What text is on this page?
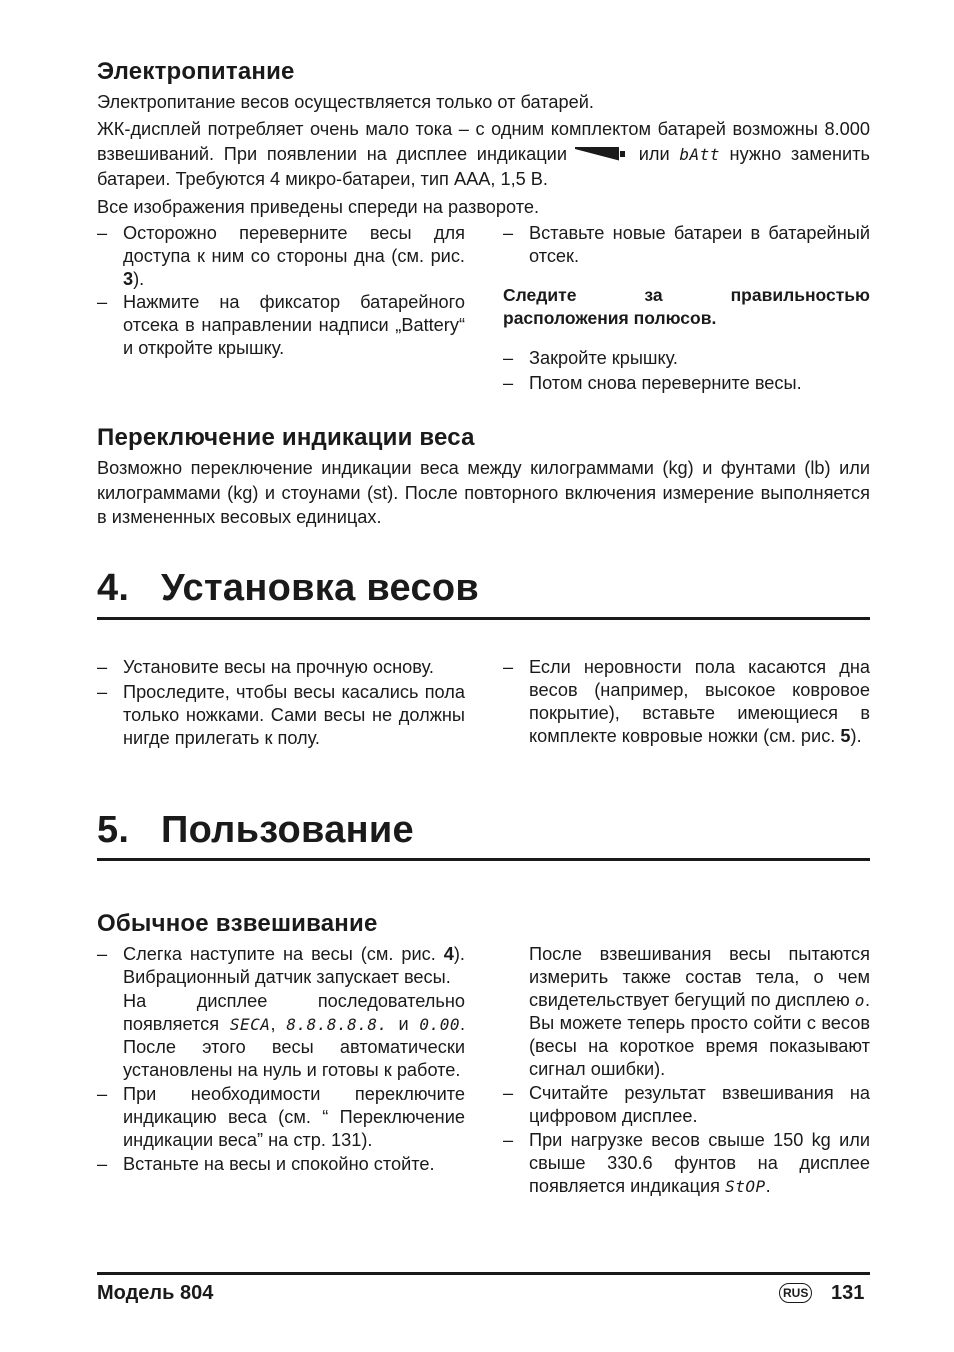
Электропитание
Электропитание весов осуществляется только от батарей.
ЖК-дисплей потребляет очень мало тока – с одним комплектом батарей возможны 8.000 взвешиваний. При появлении на дисплее индикации	или bAtt нужно заменить батареи. Требуются 4 микро-батареи, тип AAA, 1,5 В.
Все изображения приведены спереди на развороте.
– Осторожно переверните весы для доступа к ним со стороны дна (см. рис. 3).
– Нажмите на фиксатор батарейного отсека в направлении надписи „Battery“ и откройте крышку.
– Вставьте новые батареи в батарейный отсек.
Следите за правильностью расположения полюсов.
– Закройте крышку.
– Потом снова переверните весы.
Переключение индикации веса
Возможно переключение индикации веса между килограммами (kg) и фунтами (lb) или килограммами (kg) и стоунами (st). После повторного включения измерение выполняется в измененных весовых единицах.
4. Установка весов
– Установите весы на прочную основу.
– Проследите, чтобы весы касались пола только ножками. Сами весы не должны нигде прилегать к полу.
– Если неровности пола касаются дна весов (например, высокое ковровое покрытие), вставьте имеющиеся в комплекте ковровые ножки (см. рис. 5).
5. Пользование
Обычное взвешивание
– Слегка наступите на весы (см. рис. 4). Вибрационный датчик запускает весы.
На дисплее последовательно появляется SECA, 8.8.8.8.8. и 0.00. После этого весы автоматически установлены на нуль и готовы к работе.
– При необходимости переключите индикацию веса (см. “ Переключение индикации веса” на стр. 131).
– Встаньте на весы и спокойно стойте.
После взвешивания весы пытаются измерить также состав тела, о чем свидетельствует бегущий по дисплею o. Вы можете теперь просто сойти с весов (весы на короткое время показывают сигнал ошибки).
– Считайте результат взвешивания на цифровом дисплее.
– При нагрузке весов свыше 150 kg или свыше 330.6 фунтов на дисплее появляется индикация StOP.
Модель 804	RUS 131
